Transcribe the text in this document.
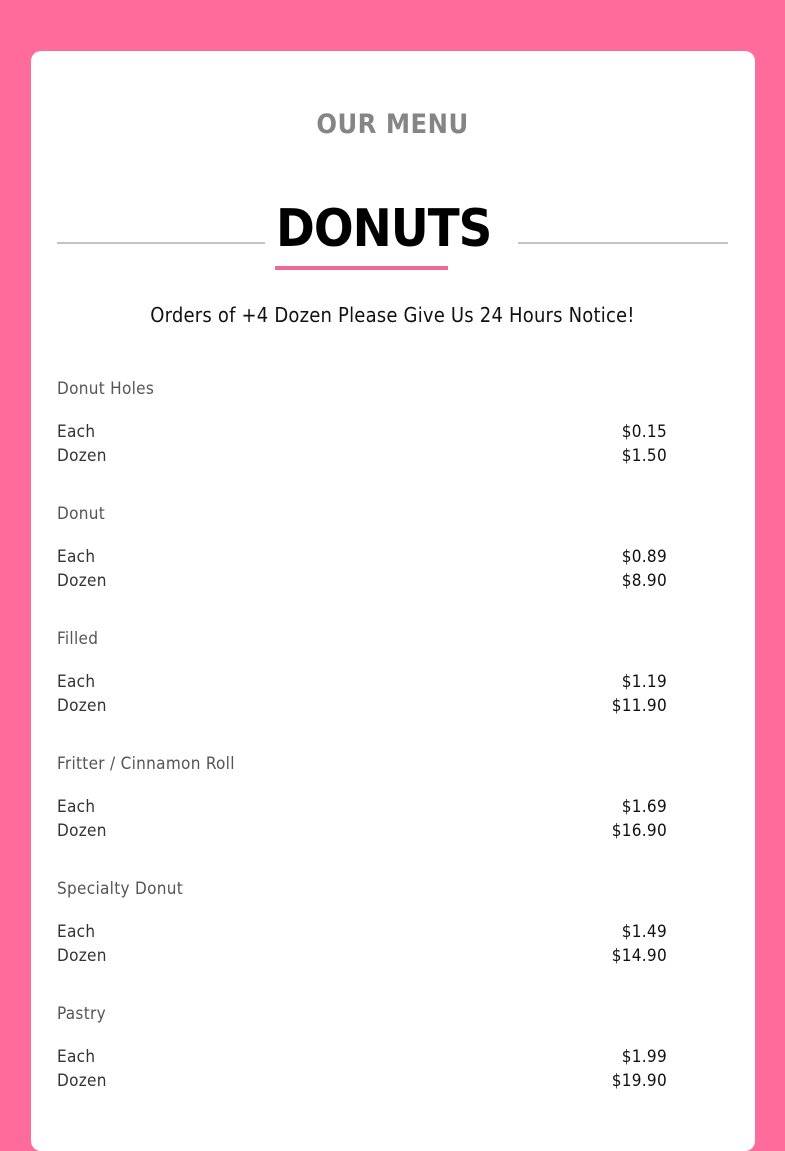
OUR MENU
DONUTS
Orders of +4 Dozen Please Give Us 24 Hours Notice!
Donut Holes
Each	$0.15
Dozen	$1.50
Donut
Each	$0.89
Dozen	$8.90
Filled
Each	$1.19
Dozen	$11.90
Fritter / Cinnamon Roll
Each	$1.69
Dozen	$16.90
Specialty Donut
Each	$1.49
Dozen	$14.90
Pastry
Each	$1.99
Dozen	$19.90
